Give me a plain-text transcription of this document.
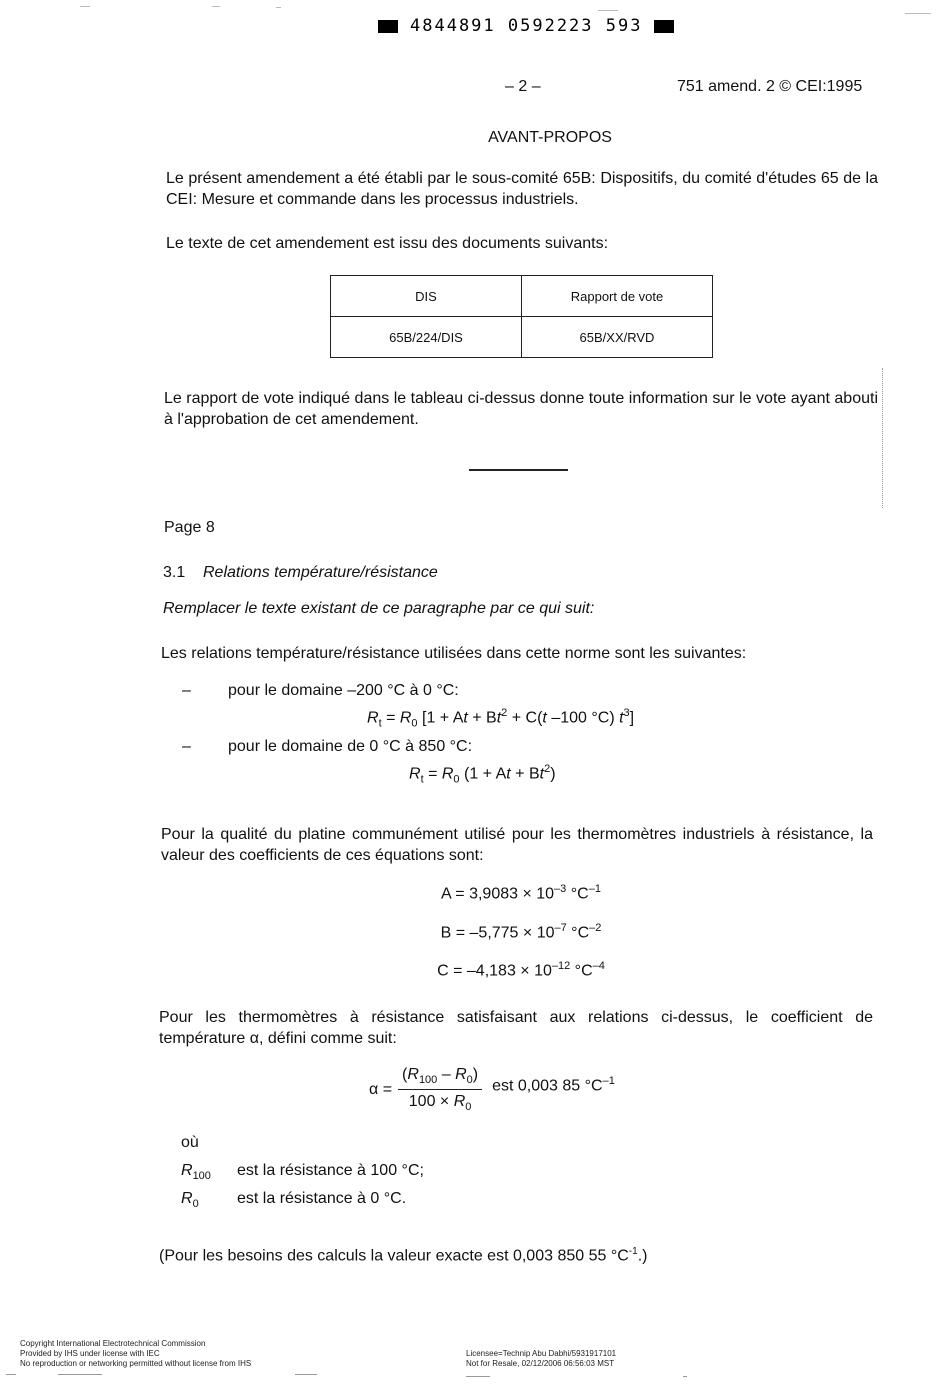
4844891 0592223 593
– 2 –	751 amend. 2 © CEI:1995
AVANT-PROPOS
Le présent amendement a été établi par le sous-comité 65B: Dispositifs, du comité d'études 65 de la CEI: Mesure et commande dans les processus industriels.
Le texte de cet amendement est issu des documents suivants:
DIS	Rapport de vote
65B/224/DIS	65B/XX/RVD
Le rapport de vote indiqué dans le tableau ci-dessus donne toute information sur le vote ayant abouti à l'approbation de cet amendement.
Page 8
3.1 Relations température/résistance
Remplacer le texte existant de ce paragraphe par ce qui suit:
Les relations température/résistance utilisées dans cette norme sont les suivantes:
– pour le domaine –200 °C à 0 °C:
$R_t = R_0$ [$1 + At + Bt^2 + C(t$ –100 °C) $t^3$]
– pour le domaine de 0 °C à 850 °C:
$R_t = R_0$ $(1 + At + Bt^2)$
Pour la qualité du platine communément utilisé pour les thermomètres industriels à résistance, la valeur des coefficients de ces équations sont:
$A = 3,9083 \times 10^{-3}$ $^\circ C^{-1}$
$B = -5,775 \times 10^{-7}$ $^\circ C^{-2}$
$C = -4,183 \times 10^{-12}$ $^\circ C^{-4}$
Pour les thermomètres à résistance satisfaisant aux relations ci-dessus, le coefficient de température α, défini comme suit:
$\alpha = \frac{(R_{100} - R_0)}{100 \times R_0}$ est 0,003 85 $^\circ C^{-1}$
où
$R_{100}$	est la résistance à 100 °C;
$R_0$	est la résistance à 0 °C.
(Pour les besoins des calculs la valeur exacte est 0,003 850 55 $^\circ C^{-1}$.)
Copyright International Electrotechnical Commission
Provided by IHS under license with IEC
No reproduction or networking permitted without license from IHS
Licensee=Technip Abu Dabhi/5931917101
Not for Resale, 02/12/2006 06:56:03 MST
